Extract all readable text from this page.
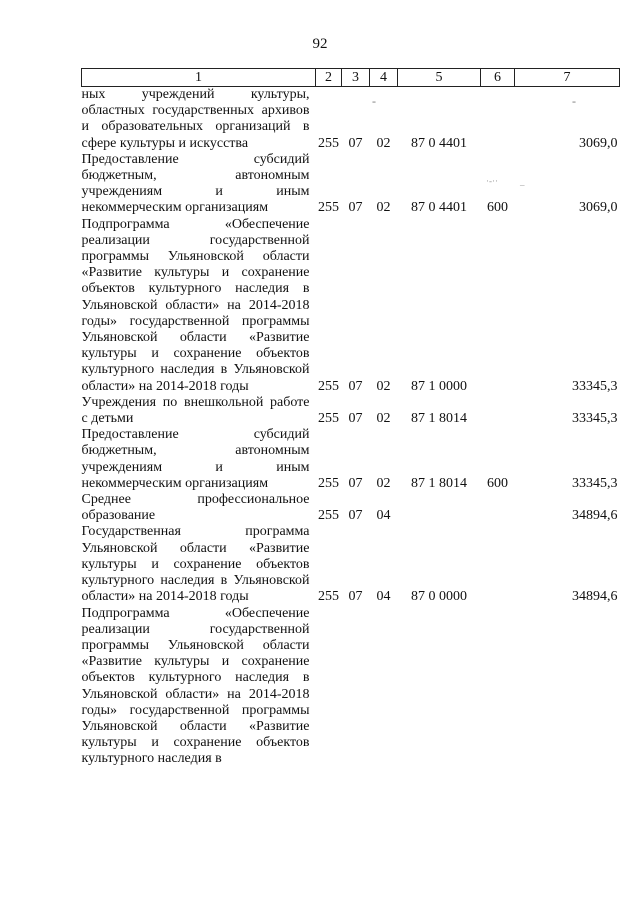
92
-	-
·-·· –
1	2	3	4	5	6	7
ных учреждений культуры, областных государственных архивов и образовательных организаций в сфере культуры и искусства	255	07	02	87 0 4401		3069,0
Предоставление субсидий бюджетным, автономным учреждениям и иным некоммерческим организациям	255	07	02	87 0 4401	600	3069,0
Подпрограмма «Обеспечение реализации государственной программы Ульяновской области «Развитие культуры и сохранение объектов культурного наследия в Ульяновской области» на 2014-2018 годы» государственной программы Ульяновской области «Развитие культуры и сохранение объектов культурного наследия в Ульяновской области» на 2014-2018 годы	255	07	02	87 1 0000		33345,3
Учреждения по внешкольной работе с детьми	255	07	02	87 1 8014		33345,3
Предоставление субсидий бюджетным, автономным учреждениям и иным некоммерческим организациям	255	07	02	87 1 8014	600	33345,3
Среднее профессиональное образование	255	07	04			34894,6
Государственная программа Ульяновской области «Развитие культуры и сохранение объектов культурного наследия в Ульяновской области» на 2014-2018 годы	255	07	04	87 0 0000		34894,6
Подпрограмма «Обеспечение реализации государственной программы Ульяновской области «Развитие культуры и сохранение объектов культурного наследия в Ульяновской области» на 2014-2018 годы» государственной программы Ульяновской области «Развитие культуры и сохранение объектов культурного наследия в						
